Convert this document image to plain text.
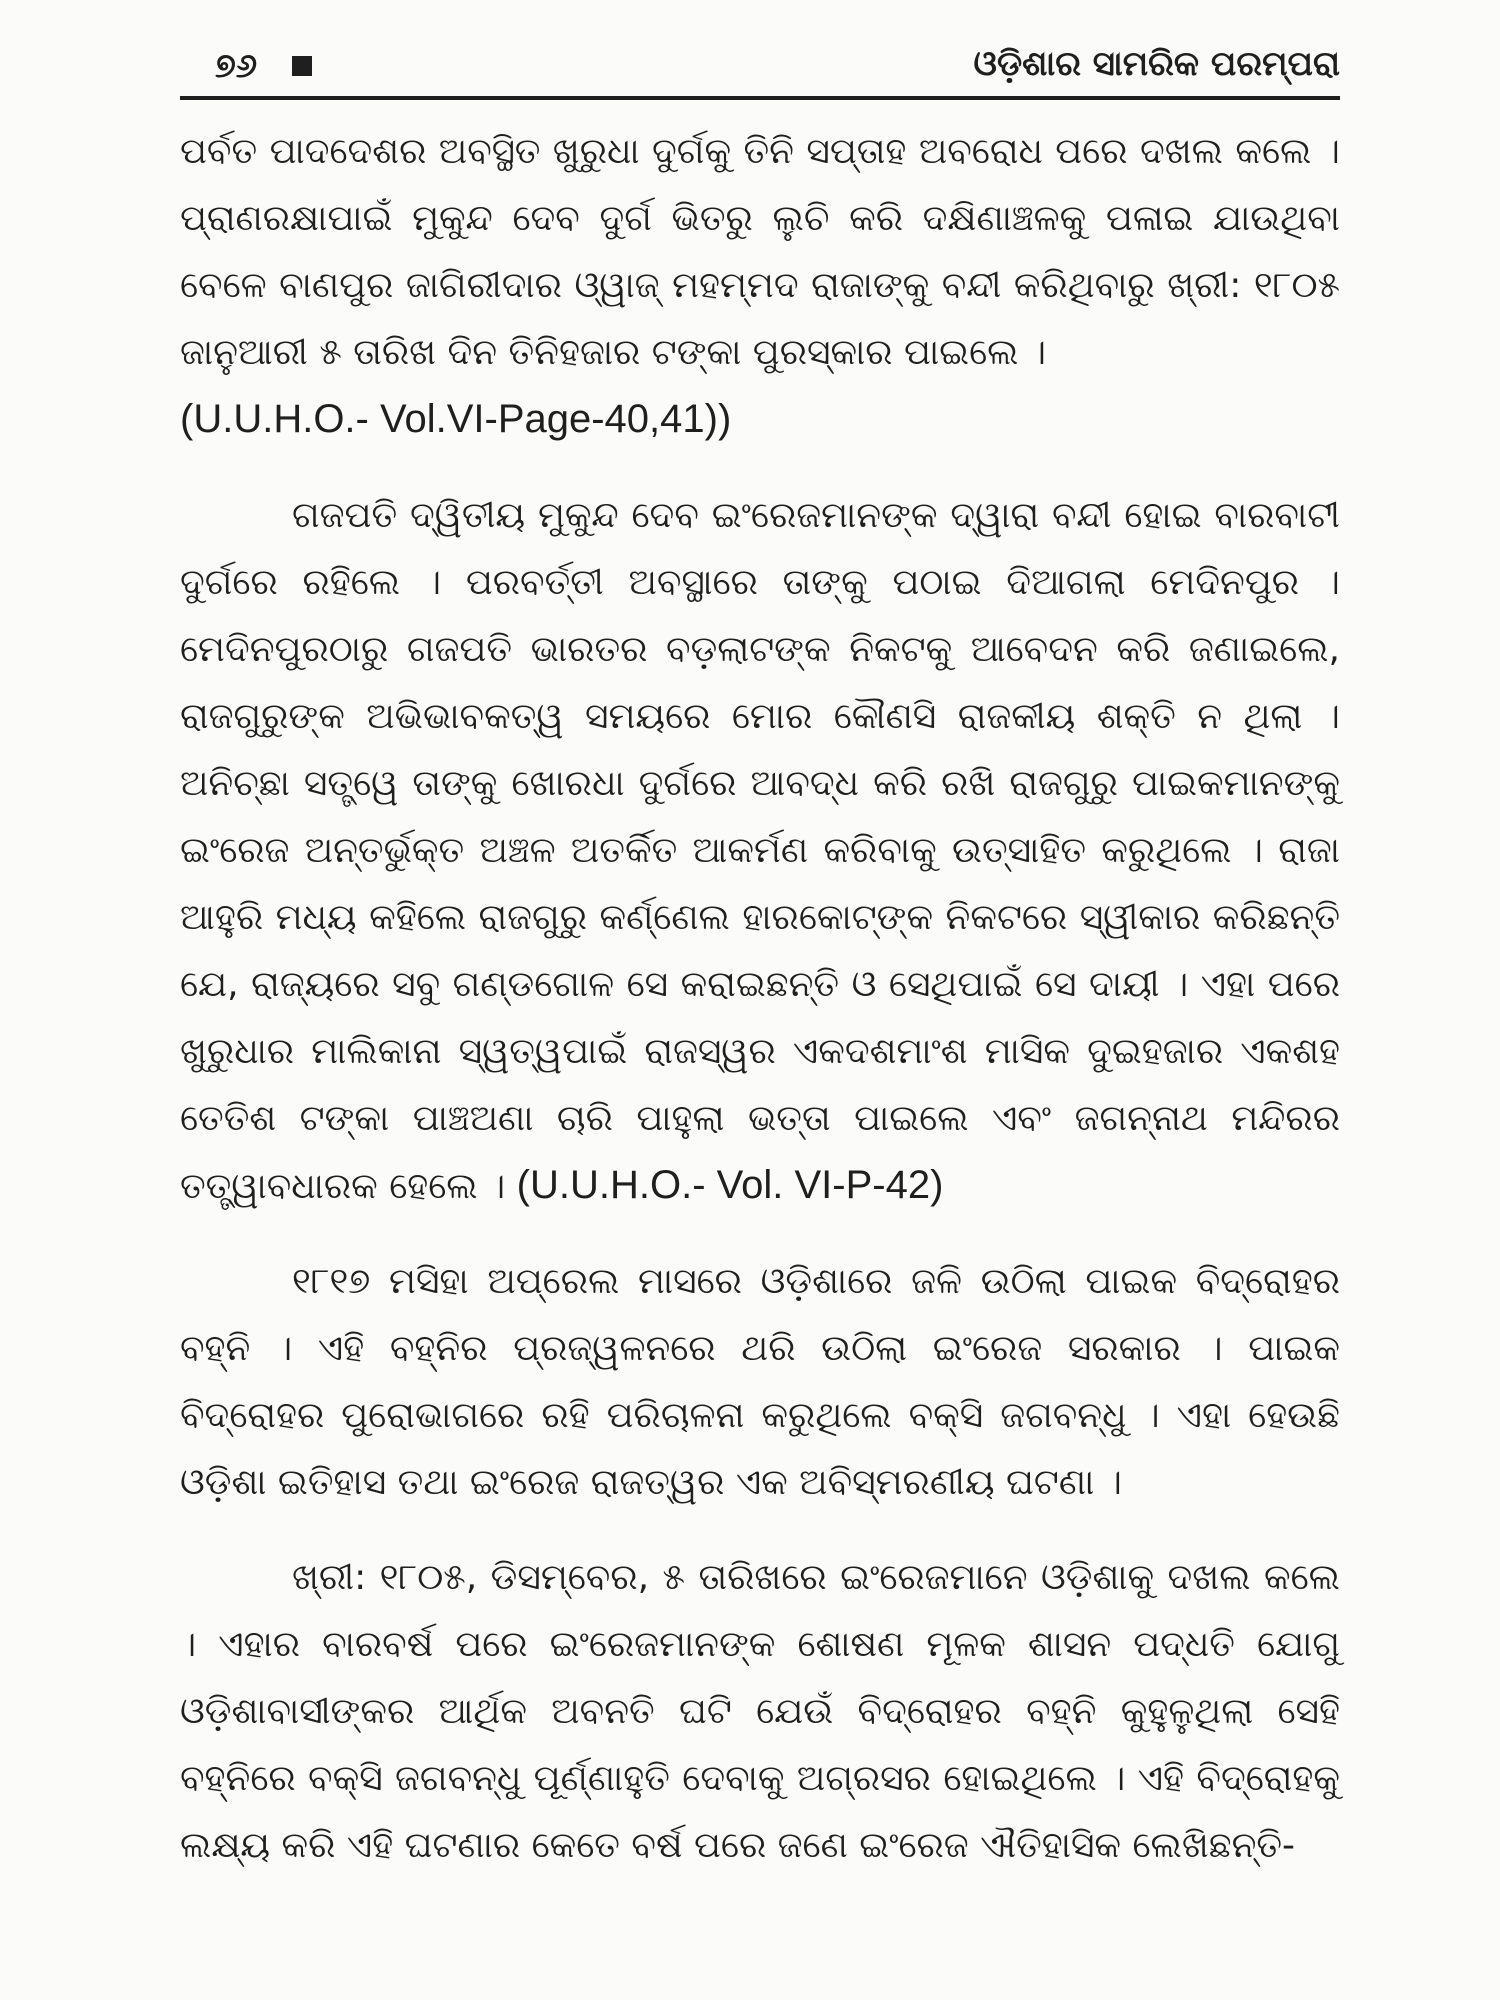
୭୬	ଓଡ଼ିଶାର ସାମରିକ ପରମ୍ପରା

ପର୍ବତ ପାଦଦେଶର ଅବସ୍ଥିତ ଖୁରୁଧା ଦୁର୍ଗକୁ ତିନି ସପ୍ତାହ ଅବରୋଧ ପରେ ଦଖଲ କଲେ । ପ୍ରାଣରକ୍ଷାପାଇଁ ମୁକୁନ୍ଦ ଦେବ ଦୁର୍ଗ ଭିତରୁ ଲୁଚି କରି ଦକ୍ଷିଣାଞ୍ଚଳକୁ ପଳାଇ ଯାଉଥିବା ବେଳେ ବାଣପୁର ଜାଗିରୀଦାର ଓ୍ୱାଜ୍ ମହମ୍ମଦ ରାଜାଙ୍କୁ ବନ୍ଦୀ କରିଥିବାରୁ ଖ୍ରୀ: ୧୮୦୫ ଜାନୁଆରୀ ୫ ତାରିଖ ଦିନ ତିନିହଜାର ଟଙ୍କା ପୁରସ୍କାର ପାଇଲେ ।
(U.U.H.O.- Vol.VI-Page-40,41))

ଗଜପତି ଦ୍ୱିତୀୟ ମୁକୁନ୍ଦ ଦେବ ଇଂରେଜମାନଙ୍କ ଦ୍ୱାରା ବନ୍ଦୀ ହୋଇ ବାରବାଟୀ ଦୁର୍ଗରେ ରହିଲେ । ପରବର୍ତ୍ତୀ ଅବସ୍ଥାରେ ତାଙ୍କୁ ପଠାଇ ଦିଆଗଲା ମେଦିନପୁର । ମେଦିନପୁରଠାରୁ ଗଜପତି ଭାରତର ବଡ଼ଲାଟଙ୍କ ନିକଟକୁ ଆବେଦନ କରି ଜଣାଇଲେ, ରାଜଗୁରୁଙ୍କ ଅଭିଭାବକତ୍ୱ ସମୟରେ ମୋର କୌଣସି ରାଜକୀୟ ଶକ୍ତି ନ ଥିଲା । ଅନିଚ୍ଛା ସତ୍ତ୍ୱେ ତାଙ୍କୁ ଖୋରଧା ଦୁର୍ଗରେ ଆବଦ୍ଧ କରି ରଖି ରାଜଗୁରୁ ପାଇକମାନଙ୍କୁ ଇଂରେଜ ଅନ୍ତର୍ଭୁକ୍ତ ଅଞ୍ଚଳ ଅତର୍କିତ ଆକର୍ମଣ କରିବାକୁ ଉତ୍ସାହିତ କରୁଥିଲେ । ରାଜା ଆହୁରି ମଧ୍ୟ କହିଲେ ରାଜଗୁରୁ କର୍ଣ୍ଣେଲ ହାରକୋଟ୍‌ଙ୍କ ନିକଟରେ ସ୍ୱୀକାର କରିଛନ୍ତି ଯେ, ରାଜ୍ୟରେ ସବୁ ଗଣ୍ଡଗୋଳ ସେ କରାଇଛନ୍ତି ଓ ସେଥିପାଇଁ ସେ ଦାୟୀ । ଏହା ପରେ ଖୁରୁଧାର ମାଲିକାନା ସ୍ୱତ୍ୱପାଇଁ ରାଜସ୍ୱର ଏକଦଶମାଂଶ ମାସିକ ଦୁଇହଜାର ଏକଶହ ତେତିଶ ଟଙ୍କା ପାଞ୍ଚଅଣା ଚାରି ପାହୁଲା ଭତ୍ତା ପାଇଲେ ଏବଂ ଜଗନ୍ନାଥ ମନ୍ଦିରର ତତ୍ତ୍ୱାବଧାରକ ହେଲେ । (U.U.H.O.- Vol. VI-P-42)

୧୮୧୭ ମସିହା ଅପ୍ରେଲ ମାସରେ ଓଡ଼ିଶାରେ ଜଳି ଉଠିଲା ପାଇକ ବିଦ୍ରୋହର ବହ୍ନି । ଏହି ବହ୍ନିର ପ୍ରଜ୍ୱଳନରେ ଥରି ଉଠିଲା ଇଂରେଜ ସରକାର । ପାଇକ ବିଦ୍ରୋହର ପୁରୋଭାଗରେ ରହି ପରିଚାଳନା କରୁଥିଲେ ବକ୍‌ସି ଜଗବନ୍ଧୁ । ଏହା ହେଉଛି ଓଡ଼ିଶା ଇତିହାସ ତଥା ଇଂରେଜ ରାଜତ୍ୱର ଏକ ଅବିସ୍ମରଣୀୟ ଘଟଣା ।

ଖ୍ରୀ: ୧୮୦୫, ଡିସମ୍ବେର, ୫ ତାରିଖରେ ଇଂରେଜମାନେ ଓଡ଼ିଶାକୁ ଦଖଲ କଲେ । ଏହାର ବାରବର୍ଷ ପରେ ଇଂରେଜମାନଙ୍କ ଶୋଷଣ ମୂଳକ ଶାସନ ପଦ୍ଧତି ଯୋଗୁ ଓଡ଼ିଶାବାସୀଙ୍କର ଆର୍ଥିକ ଅବନତି ଘଟି ଯେଉଁ ବିଦ୍ରୋହର ବହ୍ନି କୁହୁଳୁଥିଲା ସେହି ବହ୍ନିରେ ବକ୍‌ସି ଜଗବନ୍ଧୁ ପୂର୍ଣ୍ଣାହୁତି ଦେବାକୁ ଅଗ୍ରସର ହୋଇଥିଲେ । ଏହି ବିଦ୍ରୋହକୁ ଲକ୍ଷ୍ୟ କରି ଏହି ଘଟଣାର କେତେ ବର୍ଷ ପରେ ଜଣେ ଇଂରେଜ ଐତିହାସିକ ଲେଖିଛନ୍ତି-
